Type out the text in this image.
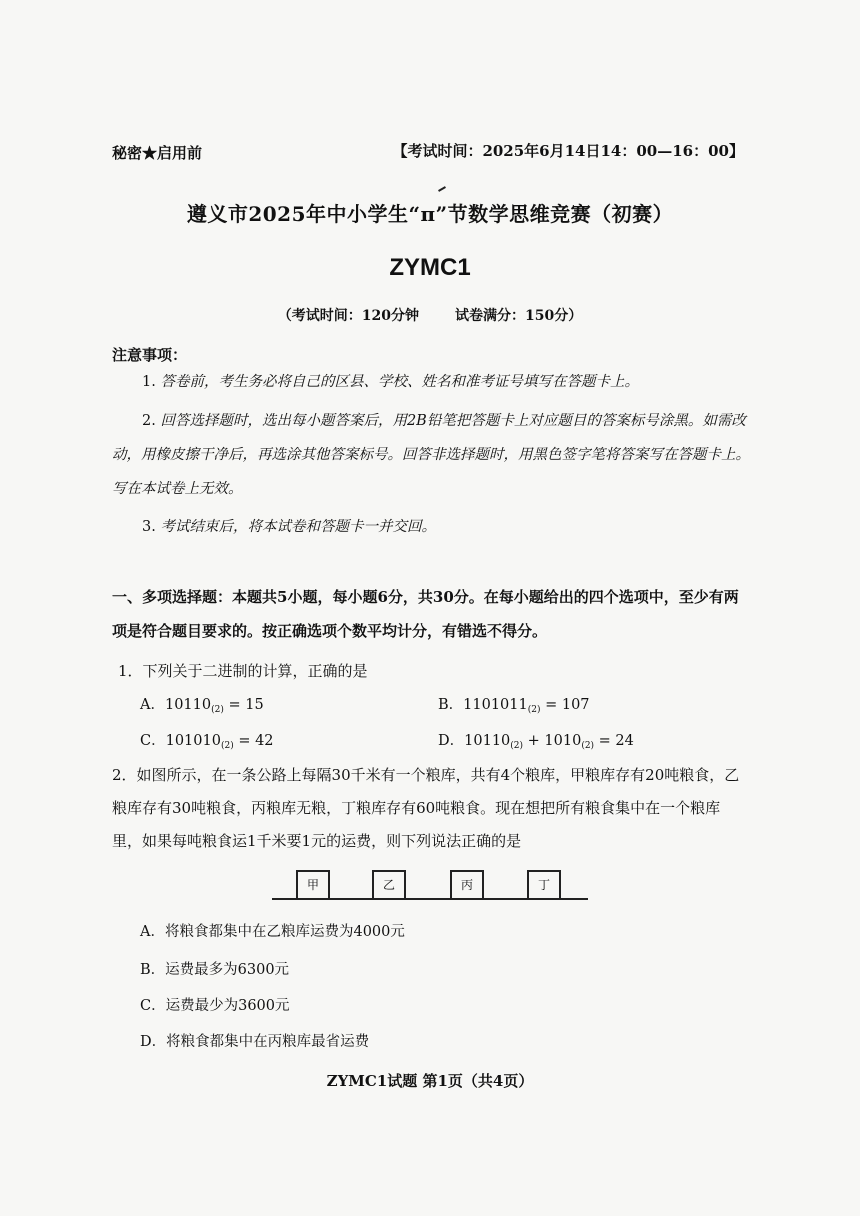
秘密★启用前	【考试时间：2025年6月14日14：00—16：00】
遵义市2025年中小学生“π”节数学思维竞赛（初赛）
ZYMC1
（考试时间：120分钟	试卷满分：150分）
注意事项：
1. 答卷前，考生务必将自己的区县、学校、姓名和准考证号填写在答题卡上。
2. 回答选择题时，选出每小题答案后，用2B铅笔把答题卡上对应题目的答案标号涂黑。如需改动，用橡皮擦干净后，再选涂其他答案标号。回答非选择题时，用黑色签字笔将答案写在答题卡上。写在本试卷上无效。
3. 考试结束后，将本试卷和答题卡一并交回。
一、多项选择题：本题共5小题，每小题6分，共30分。在每小题给出的四个选项中，至少有两项是符合题目要求的。按正确选项个数平均计分，有错选不得分。
1．下列关于二进制的计算，正确的是
A．$10110_{(2)} = 15$	B．$1101011_{(2)} = 107$
C．$101010_{(2)} = 42$	D．$10110_{(2)} + 1010_{(2)} = 24$
2．如图所示，在一条公路上每隔30千米有一个粮库，共有4个粮库，甲粮库存有20吨粮食，乙粮库存有30吨粮食，丙粮库无粮，丁粮库存有60吨粮食。现在想把所有粮食集中在一个粮库里，如果每吨粮食运1千米要1元的运费，则下列说法正确的是
甲	乙	丙	丁
A．将粮食都集中在乙粮库运费为4000元
B．运费最多为6300元
C．运费最少为3600元
D．将粮食都集中在丙粮库最省运费
ZYMC1试题 第1页（共4页）
